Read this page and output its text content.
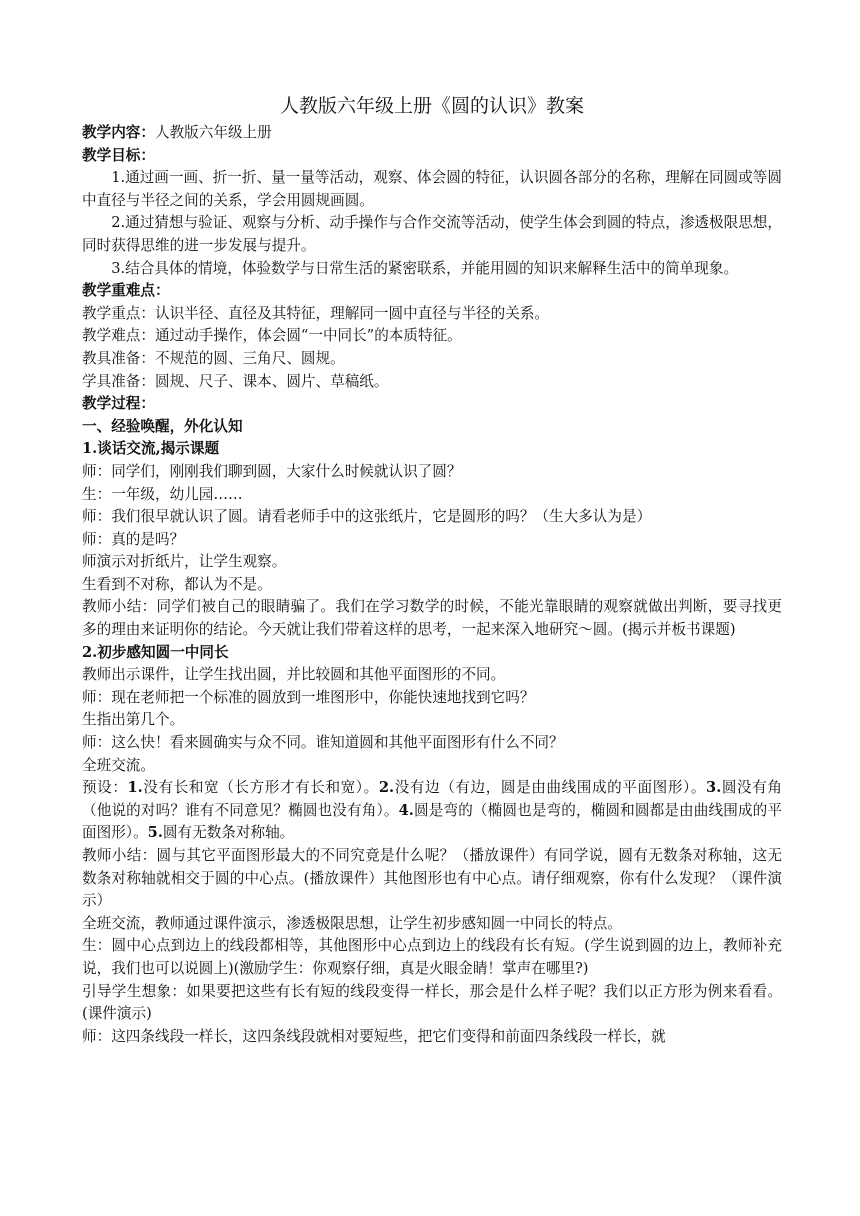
人教版六年级上册《圆的认识》教案

教学内容：人教版六年级上册

教学目标：

1.通过画一画、折一折、量一量等活动，观察、体会圆的特征，认识圆各部分的名称，理解在同圆或等圆中直径与半径之间的关系，学会用圆规画圆。

2.通过猜想与验证、观察与分析、动手操作与合作交流等活动，使学生体会到圆的特点，渗透极限思想，同时获得思维的进一步发展与提升。

3.结合具体的情境，体验数学与日常生活的紧密联系，并能用圆的知识来解释生活中的简单现象。

教学重难点：

教学重点：认识半径、直径及其特征，理解同一圆中直径与半径的关系。

教学难点：通过动手操作，体会圆“一中同长”的本质特征。

教具准备：不规范的圆、三角尺、圆规。

学具准备：圆规、尺子、课本、圆片、草稿纸。

教学过程：

一、经验唤醒，外化认知

1.谈话交流,揭示课题

师：同学们，刚刚我们聊到圆，大家什么时候就认识了圆？

生：一年级，幼儿园……

师：我们很早就认识了圆。请看老师手中的这张纸片，它是圆形的吗？（生大多认为是）

师：真的是吗？

师演示对折纸片，让学生观察。

生看到不对称，都认为不是。

教师小结：同学们被自己的眼睛骗了。我们在学习数学的时候，不能光靠眼睛的观察就做出判断，要寻找更多的理由来证明你的结论。今天就让我们带着这样的思考，一起来深入地研究～圆。(揭示并板书课题)

2.初步感知圆一中同长

教师出示课件，让学生找出圆，并比较圆和其他平面图形的不同。

师：现在老师把一个标准的圆放到一堆图形中，你能快速地找到它吗？

生指出第几个。

师：这么快！看来圆确实与众不同。谁知道圆和其他平面图形有什么不同？

全班交流。

预设：1.没有长和宽（长方形才有长和宽）。2.没有边（有边，圆是由曲线围成的平面图形）。3.圆没有角（他说的对吗？谁有不同意见？椭圆也没有角）。4.圆是弯的（椭圆也是弯的，椭圆和圆都是由曲线围成的平面图形）。5.圆有无数条对称轴。

教师小结：圆与其它平面图形最大的不同究竟是什么呢？（播放课件）有同学说，圆有无数条对称轴，这无数条对称轴就相交于圆的中心点。(播放课件）其他图形也有中心点。请仔细观察，你有什么发现？（课件演示）

全班交流，教师通过课件演示，渗透极限思想，让学生初步感知圆一中同长的特点。

生：圆中心点到边上的线段都相等，其他图形中心点到边上的线段有长有短。(学生说到圆的边上，教师补充说，我们也可以说圆上)(激励学生：你观察仔细，真是火眼金睛！掌声在哪里?)

引导学生想象：如果要把这些有长有短的线段变得一样长，那会是什么样子呢？我们以正方形为例来看看。(课件演示)

师：这四条线段一样长，这四条线段就相对要短些，把它们变得和前面四条线段一样长，就
